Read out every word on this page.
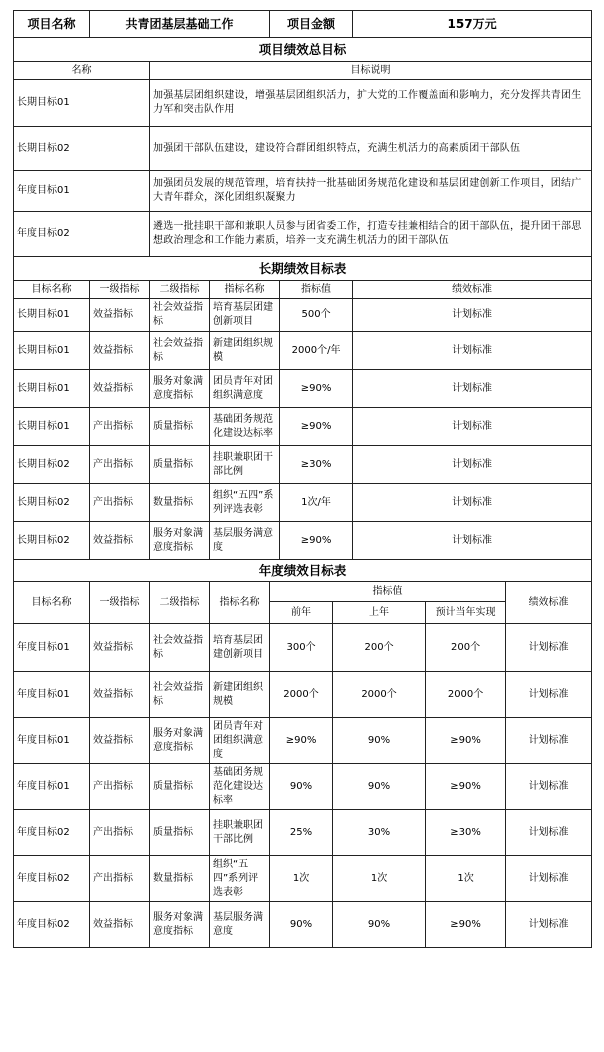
项目名称	共青团基层基础工作			项目金额			157万元		
项目绩效总目标									
名称		目标说明							
长期目标01		加强基层团组织建设，增强基层团组织活力，扩大党的工作覆盖面和影响力，充分发挥共青团生力军和突击队作用							
长期目标02		加强团干部队伍建设，建设符合群团组织特点，充满生机活力的高素质团干部队伍							
年度目标01		加强团员发展的规范管理，培育扶持一批基础团务规范化建设和基层团建创新工作项目，团结广大青年群众，深化团组织凝聚力							
年度目标02		遴选一批挂职干部和兼职人员参与团省委工作，打造专挂兼相结合的团干部队伍，提升团干部思想政治理念和工作能力素质，培养一支充满生机活力的团干部队伍							
长期绩效目标表									
目标名称	一级指标	二级指标	指标名称		指标值		绩效标准		
长期目标01	效益指标	社会效益指标	培育基层团建创新项目		500个		计划标准		
长期目标01	效益指标	社会效益指标	新建团组织规模		2000个/年		计划标准		
长期目标01	效益指标	服务对象满意度指标	团员青年对团组织满意度		≥90%		计划标准		
长期目标01	产出指标	质量指标	基础团务规范化建设达标率		≥90%		计划标准		
长期目标02	产出指标	质量指标	挂职兼职团干部比例		≥30%		计划标准		
长期目标02	产出指标	数量指标	组织“五四”系列评选表彰		1次/年		计划标准		
长期目标02	效益指标	服务对象满意度指标	基层服务满意度		≥90%		计划标准		
年度绩效目标表									
目标名称	一级指标	二级指标	指标名称	指标值					绩效标准
				前年		上年		预计当年实现	
年度目标01	效益指标	社会效益指标	培育基层团建创新项目	300个		200个		200个	计划标准
年度目标01	效益指标	社会效益指标	新建团组织规模	2000个		2000个		2000个	计划标准
年度目标01	效益指标	服务对象满意度指标	团员青年对团组织满意度	≥90%		90%		≥90%	计划标准
年度目标01	产出指标	质量指标	基础团务规范化建设达标率	90%		90%		≥90%	计划标准
年度目标02	产出指标	质量指标	挂职兼职团干部比例	25%		30%		≥30%	计划标准
年度目标02	产出指标	数量指标	组织“五四”系列评选表彰	1次		1次		1次	计划标准
年度目标02	效益指标	服务对象满意度指标	基层服务满意度	90%		90%		≥90%	计划标准
